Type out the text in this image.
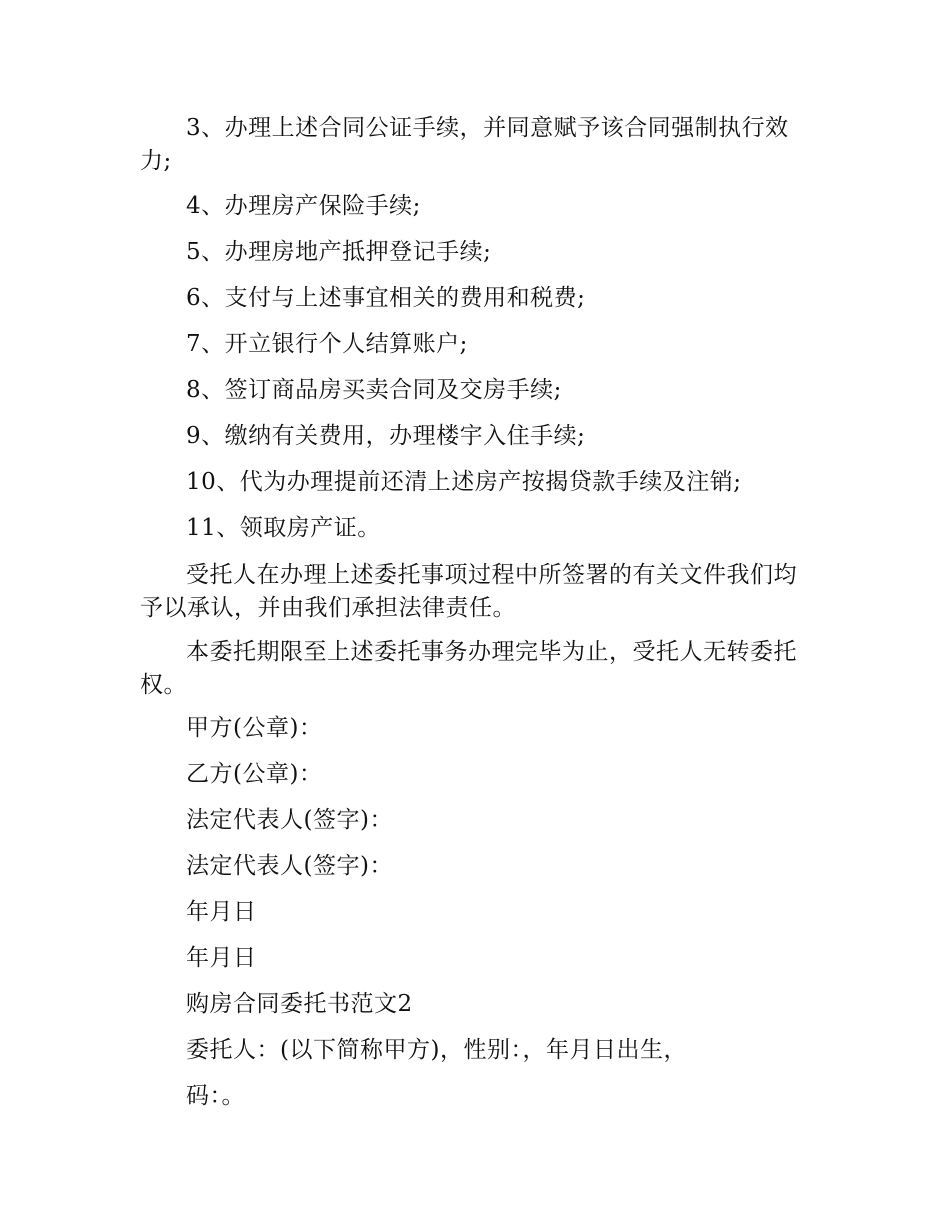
3、办理上述合同公证手续，并同意赋予该合同强制执行效力;

4、办理房产保险手续;

5、办理房地产抵押登记手续;

6、支付与上述事宜相关的费用和税费;

7、开立银行个人结算账户;

8、签订商品房买卖合同及交房手续;

9、缴纳有关费用，办理楼宇入住手续;

10、代为办理提前还清上述房产按揭贷款手续及注销;

11、领取房产证。

受托人在办理上述委托事项过程中所签署的有关文件我们均予以承认，并由我们承担法律责任。

本委托期限至上述委托事务办理完毕为止，受托人无转委托权。

甲方(公章)：

乙方(公章)：

法定代表人(签字)：

法定代表人(签字)：

年月日

年月日

购房合同委托书范文2

委托人：(以下简称甲方)，性别：，年月日出生，

码：。
